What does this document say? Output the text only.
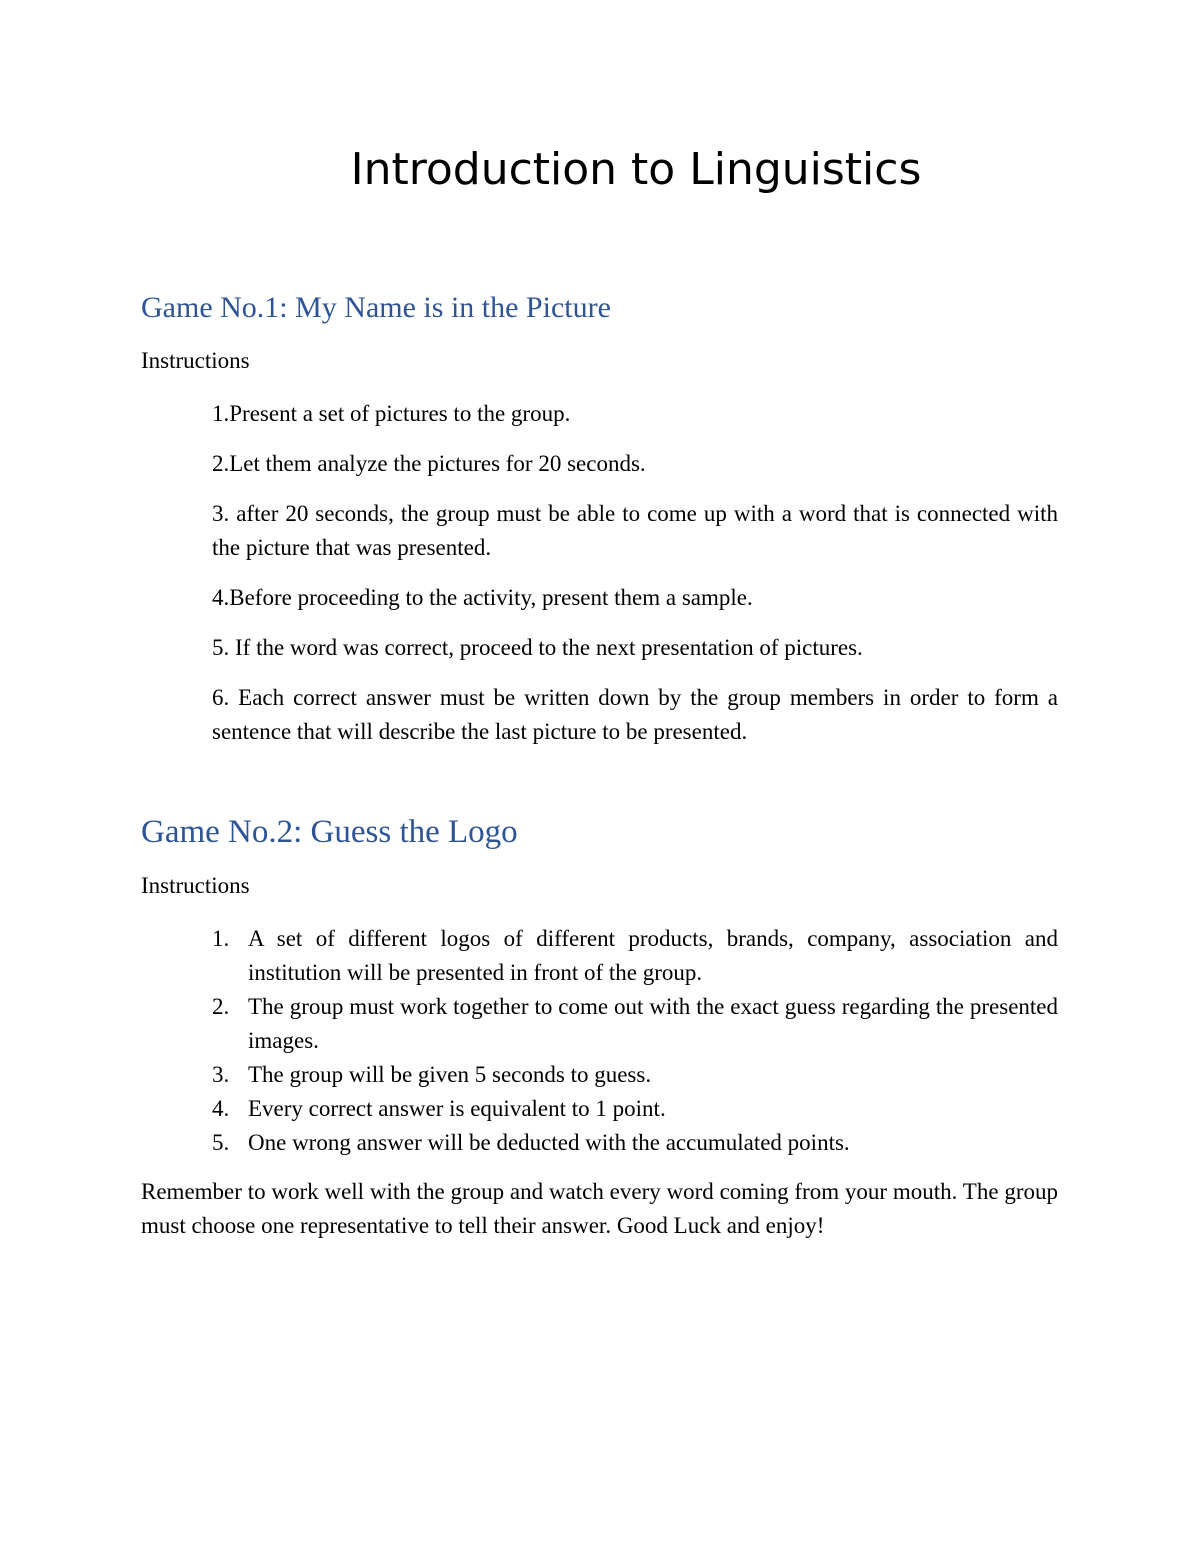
Introduction to Linguistics
Game No.1: My Name is in the Picture

Instructions

1.Present a set of pictures to the group.
2.Let them analyze the pictures for 20 seconds.
3. after 20 seconds, the group must be able to come up with a word that is connected with the picture that was presented.
4.Before proceeding to the activity, present them a sample.
5. If the word was correct, proceed to the next presentation of pictures.
6. Each correct answer must be written down by the group members in order to form a sentence that will describe the last picture to be presented.
Game No.2: Guess the Logo

Instructions

1. A set of different logos of different products, brands, company, association and institution will be presented in front of the group.
2. The group must work together to come out with the exact guess regarding the presented images.
3. The group will be given 5 seconds to guess.
4. Every correct answer is equivalent to 1 point.
5. One wrong answer will be deducted with the accumulated points.

Remember to work well with the group and watch every word coming from your mouth. The group must choose one representative to tell their answer. Good Luck and enjoy!
